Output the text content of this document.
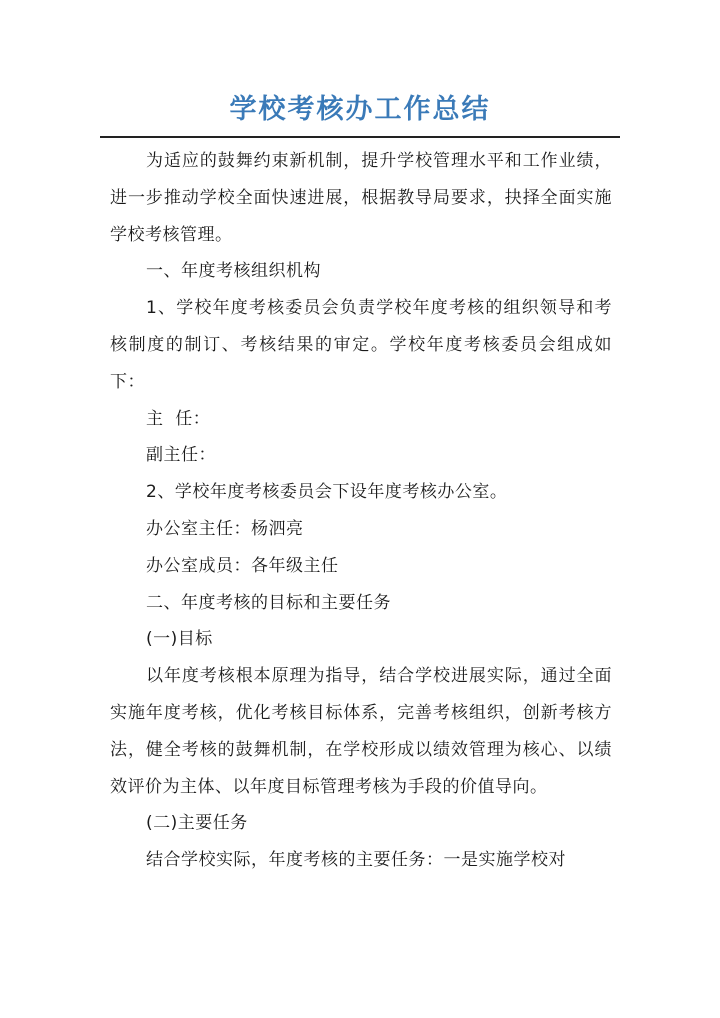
学校考核办工作总结

为适应的鼓舞约束新机制，提升学校管理水平和工作业绩，进一步推动学校全面快速进展，根据教导局要求，抉择全面实施学校考核管理。

一、年度考核组织机构

1、学校年度考核委员会负责学校年度考核的组织领导和考核制度的制订、考核结果的审定。学校年度考核委员会组成如下：

主  任：

副主任：

2、学校年度考核委员会下设年度考核办公室。

办公室主任：杨泗亮

办公室成员：各年级主任

二、年度考核的目标和主要任务

(一)目标

以年度考核根本原理为指导，结合学校进展实际，通过全面实施年度考核，优化考核目标体系，完善考核组织，创新考核方法，健全考核的鼓舞机制，在学校形成以绩效管理为核心、以绩效评价为主体、以年度目标管理考核为手段的价值导向。

(二)主要任务

结合学校实际，年度考核的主要任务：一是实施学校对
